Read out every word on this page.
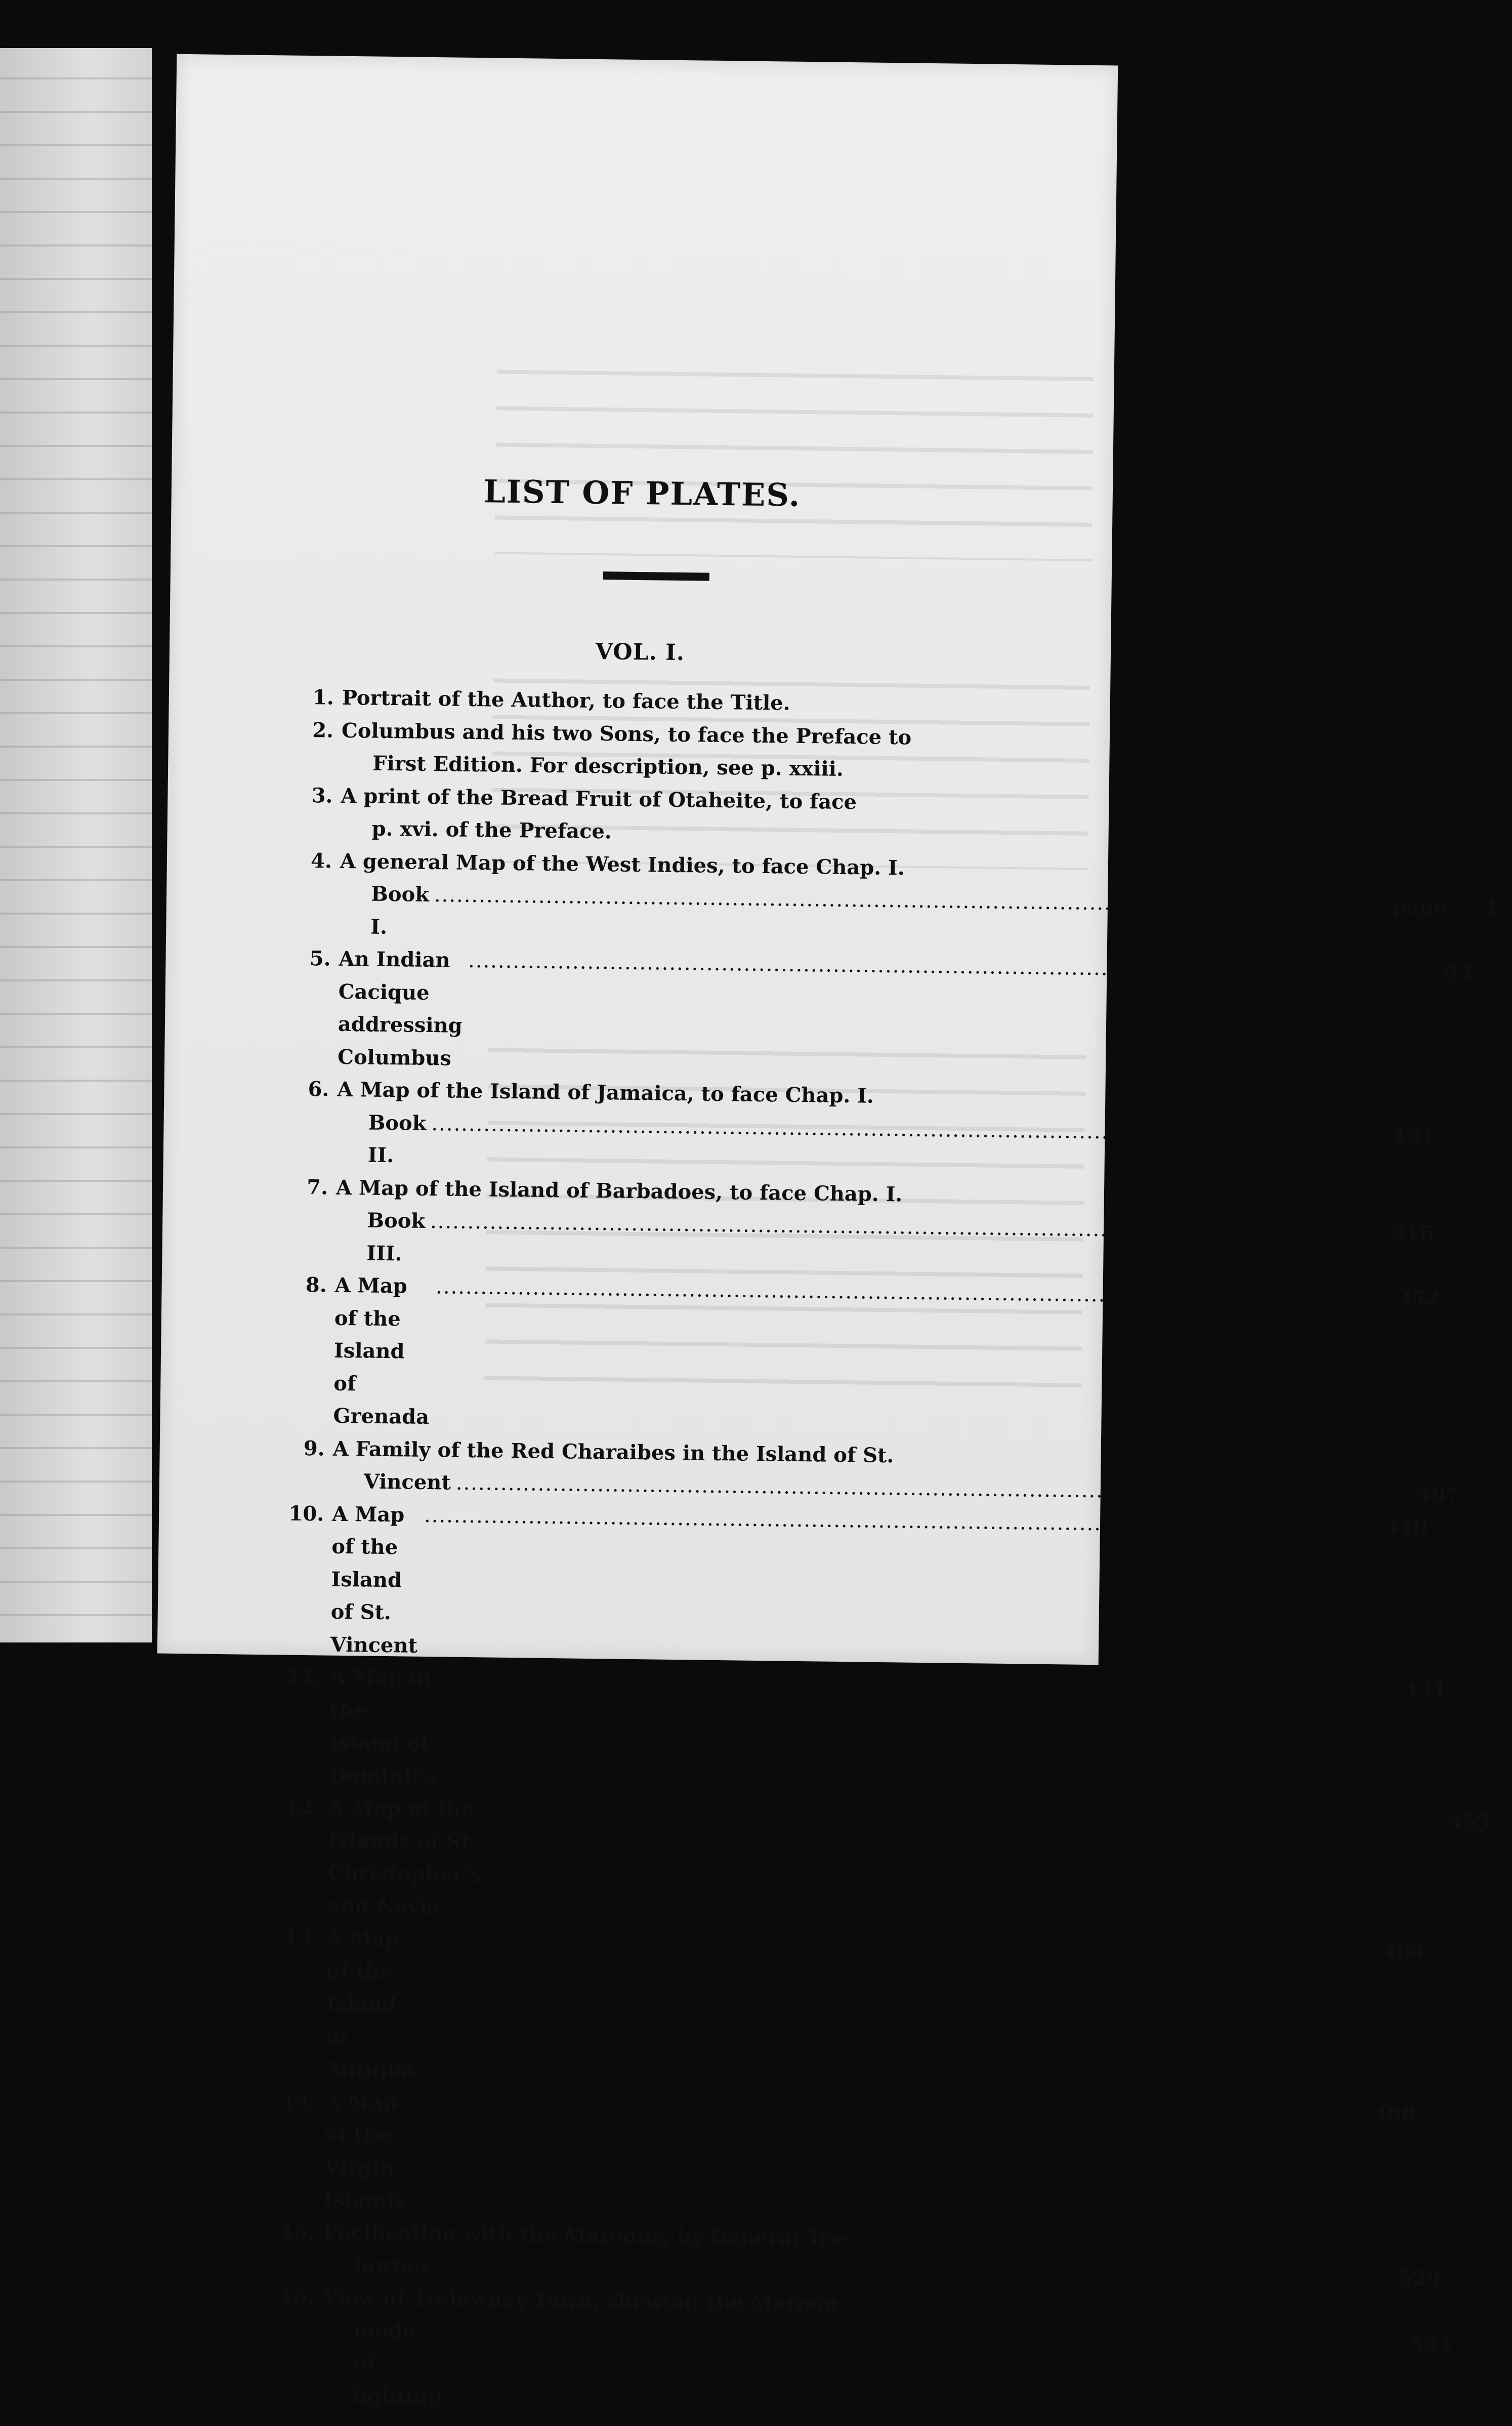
LIST OF PLATES.
VOL. I.
1. Portrait of the Author, to face the Title.
2. Columbus and his two Sons, to face the Preface to
First Edition. For description, see p. xxiii.
3. A print of the Bread Fruit of Otaheite, to face
p. xvi. of the Preface.
4. A general Map of the West Indies, to face Chap. I.
Book I.
.....
page	1
5. An Indian Cacique addressing Columbus
.....
93
6. A Map of the Island of Jamaica, to face Chap. I.
Book II.
.....
151
7. A Map of the Island of Barbadoes, to face Chap. I.
Book III.
.....
316
8. A Map of the Island of Grenada
.....
352
9. A Family of the Red Charaibes in the Island of St.
Vincent
.....
407
10. A Map of the Island of St. Vincent
.....
410
11. A Map of the Island of Dominica
.....
431
12. A Map of the Islands of St. Christopher's and Nevis
.....
453
13. A Map of the Island of Antigua
.....
484
14. A Map of the Virgin Islands
.....
498
15. Pacification with the Maroons, by General Tre-
lawney
.....
529
16. View of Trelawney Town, shewing the Maroon
mode of fighting
.....
553
